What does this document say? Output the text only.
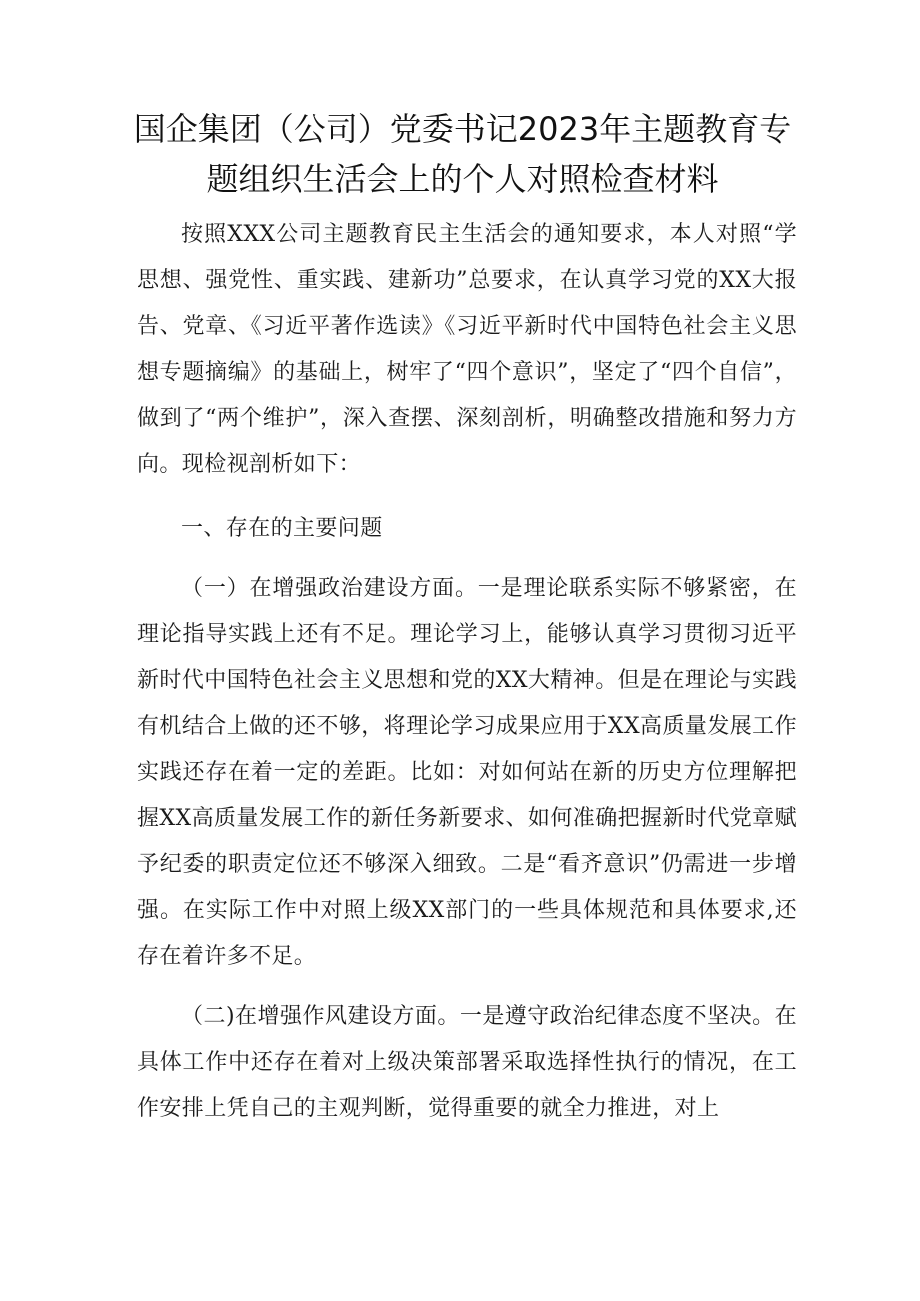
国企集团（公司）党委书记2023年主题教育专题组织生活会上的个人对照检查材料

按照XXX公司主题教育民主生活会的通知要求，本人对照“学思想、强党性、重实践、建新功”总要求，在认真学习党的XX大报告、党章、《习近平著作选读》《习近平新时代中国特色社会主义思想专题摘编》的基础上，树牢了“四个意识”，坚定了“四个自信”，做到了“两个维护”，深入查摆、深刻剖析，明确整改措施和努力方向。现检视剖析如下：

一、存在的主要问题

（一）在增强政治建设方面。一是理论联系实际不够紧密，在理论指导实践上还有不足。理论学习上，能够认真学习贯彻习近平新时代中国特色社会主义思想和党的XX大精神。但是在理论与实践有机结合上做的还不够，将理论学习成果应用于XX高质量发展工作实践还存在着一定的差距。比如：对如何站在新的历史方位理解把握XX高质量发展工作的新任务新要求、如何准确把握新时代党章赋予纪委的职责定位还不够深入细致。二是“看齐意识”仍需进一步增强。在实际工作中对照上级XX部门的一些具体规范和具体要求,还存在着许多不足。

（二)在增强作风建设方面。一是遵守政治纪律态度不坚决。在具体工作中还存在着对上级决策部署采取选择性执行的情况，在工作安排上凭自己的主观判断，觉得重要的就全力推进，对上
